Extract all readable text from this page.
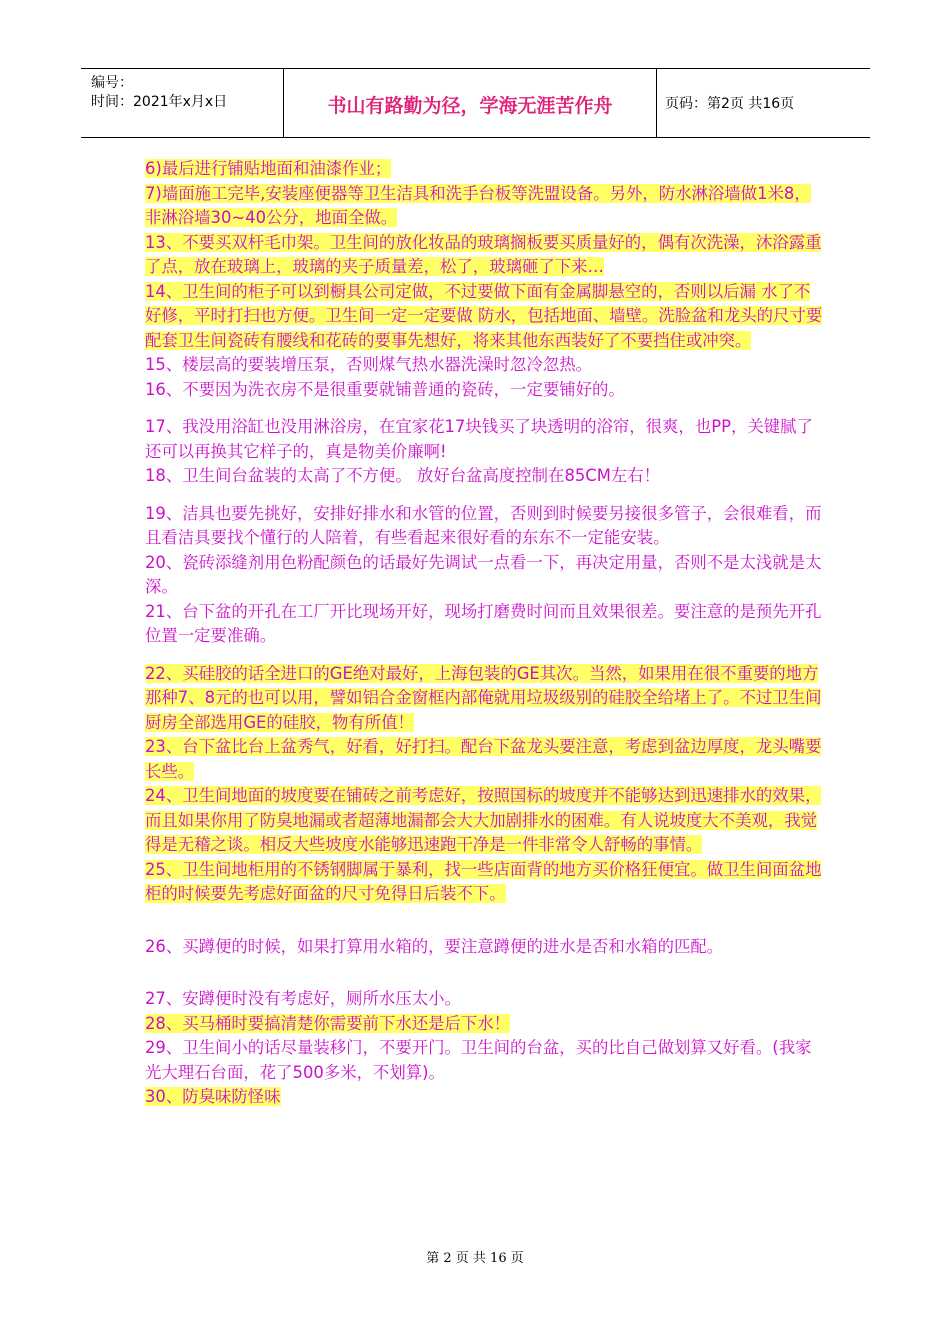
编号：
时间：2021年x月x日	书山有路勤为径，学海无涯苦作舟	页码：第2页 共16页

6)最后进行铺贴地面和油漆作业；

7)墙面施工完毕,安装座便器等卫生洁具和洗手台板等洗盟设备。另外，防水淋浴墙做1米8，非淋浴墙30~40公分，地面全做。

13、不要买双杆毛巾架。卫生间的放化妆品的玻璃搁板要买质量好的，偶有次洗澡，沐浴露重了点，放在玻璃上，玻璃的夹子质量差，松了，玻璃砸了下来…

14、卫生间的柜子可以到橱具公司定做，不过要做下面有金属脚悬空的，否则以后漏 水了不好修，平时打扫也方便。卫生间一定一定要做 防水，包括地面、墙壁。洗脸盆和龙头的尺寸要配套卫生间瓷砖有腰线和花砖的要事先想好，将来其他东西装好了不要挡住或冲突。

15、楼层高的要装增压泵，否则煤气热水器洗澡时忽冷忽热。

16、不要因为洗衣房不是很重要就铺普通的瓷砖，一定要铺好的。

17、我没用浴缸也没用淋浴房，在宜家花17块钱买了块透明的浴帘，很爽，也PP，关键腻了还可以再换其它样子的，真是物美价廉啊!

18、卫生间台盆装的太高了不方便。 放好台盆高度控制在85CM左右！

19、洁具也要先挑好，安排好排水和水管的位置，否则到时候要另接很多管子，会很难看，而且看洁具要找个懂行的人陪着，有些看起来很好看的东东不一定能安装。

20、瓷砖添缝剂用色粉配颜色的话最好先调试一点看一下，再决定用量，否则不是太浅就是太深。

21、台下盆的开孔在工厂开比现场开好，现场打磨费时间而且效果很差。要注意的是预先开孔位置一定要准确。

22、买硅胶的话全进口的GE绝对最好，上海包装的GE其次。当然，如果用在很不重要的地方那种7、8元的也可以用，譬如铝合金窗框内部俺就用垃圾级别的硅胶全给堵上了。不过卫生间厨房全部选用GE的硅胶，物有所值！

23、台下盆比台上盆秀气，好看，好打扫。配台下盆龙头要注意，考虑到盆边厚度，龙头嘴要长些。

24、卫生间地面的坡度要在铺砖之前考虑好，按照国标的坡度并不能够达到迅速排水的效果，而且如果你用了防臭地漏或者超薄地漏都会大大加剧排水的困难。有人说坡度大不美观，我觉得是无稽之谈。相反大些坡度水能够迅速跑干净是一件非常令人舒畅的事情。

25、卫生间地柜用的不锈钢脚属于暴利，找一些店面背的地方买价格狂便宜。做卫生间面盆地柜的时候要先考虑好面盆的尺寸免得日后装不下。

26、买蹲便的时候，如果打算用水箱的，要注意蹲便的进水是否和水箱的匹配。

27、安蹲便时没有考虑好，厕所水压太小。

28、买马桶时要搞清楚你需要前下水还是后下水！

29、卫生间小的话尽量装移门，不要开门。卫生间的台盆，买的比自己做划算又好看。(我家光大理石台面，花了500多米，不划算)。

30、防臭味防怪味

第 2 页 共 16 页
